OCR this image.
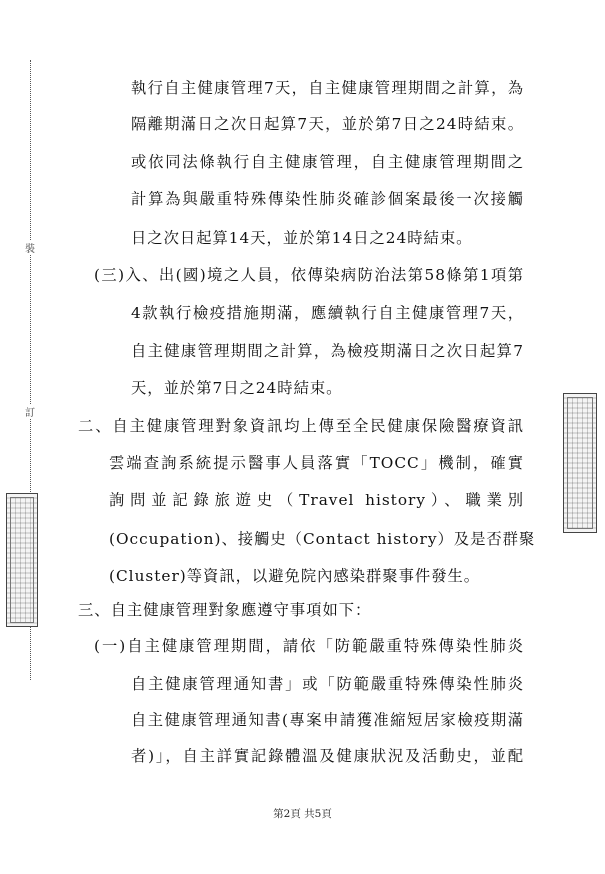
裝
訂
執行自主健康管理7天，自主健康管理期間之計算，為
隔離期滿日之次日起算7天，並於第7日之24時結束。
或依同法條執行自主健康管理，自主健康管理期間之
計算為與嚴重特殊傳染性肺炎確診個案最後一次接觸
日之次日起算14天，並於第14日之24時結束。
(三)入、出(國)境之人員，依傳染病防治法第58條第1項第
4款執行檢疫措施期滿，應續執行自主健康管理7天，
自主健康管理期間之計算，為檢疫期滿日之次日起算7
天，並於第7日之24時結束。
二、自主健康管理對象資訊均上傳至全民健康保險醫療資訊
雲端查詢系統提示醫事人員落實「TOCC」機制，確實
詢問並記錄旅遊史（Travel history）、職業別
(Occupation)、接觸史（Contact history）及是否群聚
(Cluster)等資訊，以避免院內感染群聚事件發生。
三、自主健康管理對象應遵守事項如下：
(一)自主健康管理期間，請依「防範嚴重特殊傳染性肺炎
自主健康管理通知書」或「防範嚴重特殊傳染性肺炎
自主健康管理通知書(專案申請獲准縮短居家檢疫期滿
者)」，自主詳實記錄體溫及健康狀況及活動史，並配
第2頁 共5頁
